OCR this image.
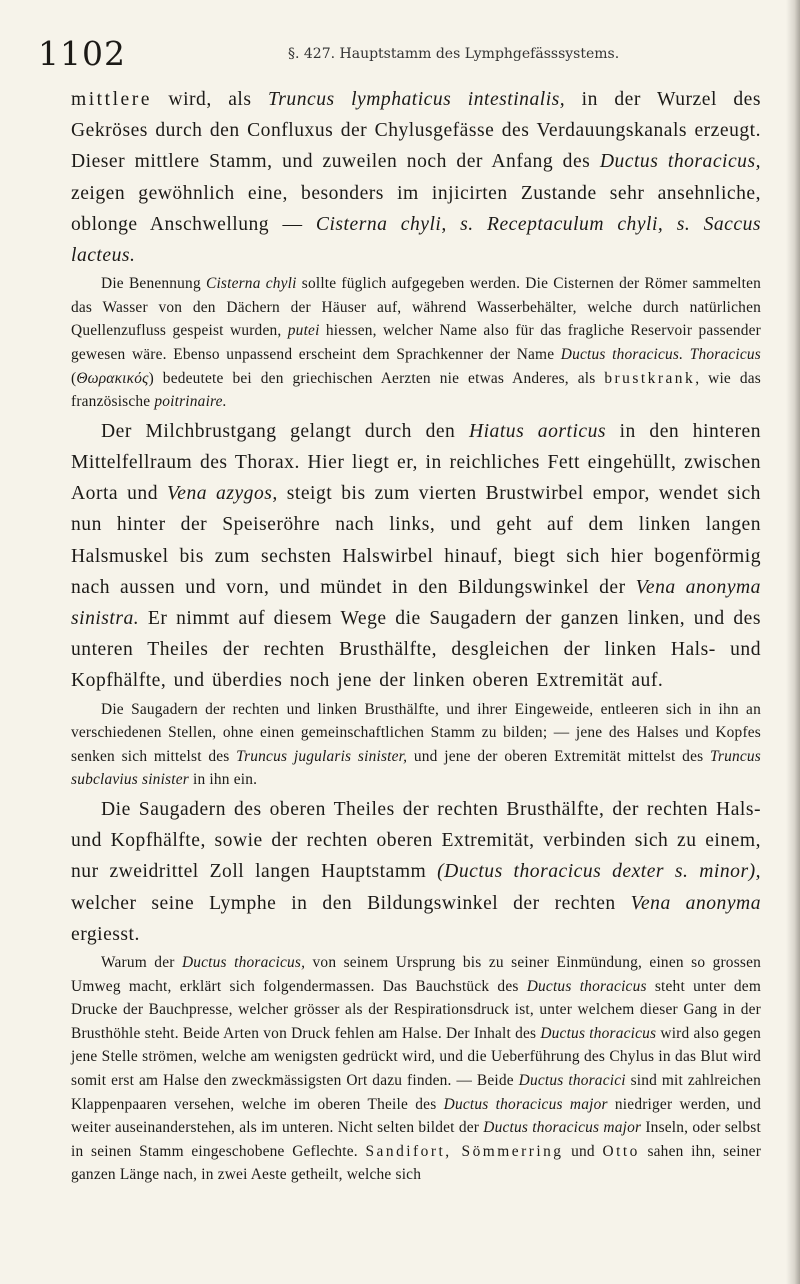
1102	§. 427. Hauptstamm des Lymphgefässsystems.

mittlere wird, als Truncus lymphaticus intestinalis, in der Wurzel des Gekröses durch den Confluxus der Chylusgefässe des Verdauungskanals erzeugt. Dieser mittlere Stamm, und zuweilen noch der Anfang des Ductus thoracicus, zeigen gewöhnlich eine, besonders im injicirten Zustande sehr ansehnliche, oblonge Anschwellung — Cisterna chyli, s. Receptaculum chyli, s. Saccus lacteus.

Die Benennung Cisterna chyli sollte füglich aufgegeben werden. Die Cisternen der Römer sammelten das Wasser von den Dächern der Häuser auf, während Wasserbehälter, welche durch natürlichen Quellenzufluss gespeist wurden, putei hiessen, welcher Name also für das fragliche Reservoir passender gewesen wäre. Ebenso unpassend erscheint dem Sprachkenner der Name Ductus thoracicus. Thoracicus (Θωρακικός) bedeutete bei den griechischen Aerzten nie etwas Anderes, als brustkrank, wie das französische poitrinaire.

Der Milchbrustgang gelangt durch den Hiatus aorticus in den hinteren Mittelfellraum des Thorax. Hier liegt er, in reichliches Fett eingehüllt, zwischen Aorta und Vena azygos, steigt bis zum vierten Brustwirbel empor, wendet sich nun hinter der Speiseröhre nach links, und geht auf dem linken langen Halsmuskel bis zum sechsten Halswirbel hinauf, biegt sich hier bogenförmig nach aussen und vorn, und mündet in den Bildungswinkel der Vena anonyma sinistra. Er nimmt auf diesem Wege die Saugadern der ganzen linken, und des unteren Theiles der rechten Brusthälfte, desgleichen der linken Hals- und Kopfhälfte, und überdies noch jene der linken oberen Extremität auf.

Die Saugadern der rechten und linken Brusthälfte, und ihrer Eingeweide, entleeren sich in ihn an verschiedenen Stellen, ohne einen gemeinschaftlichen Stamm zu bilden; — jene des Halses und Kopfes senken sich mittelst des Truncus jugularis sinister, und jene der oberen Extremität mittelst des Truncus subclavius sinister in ihn ein.

Die Saugadern des oberen Theiles der rechten Brusthälfte, der rechten Hals- und Kopfhälfte, sowie der rechten oberen Extremität, verbinden sich zu einem, nur zweidrittel Zoll langen Hauptstamm (Ductus thoracicus dexter s. minor), welcher seine Lymphe in den Bildungswinkel der rechten Vena anonyma ergiesst.

Warum der Ductus thoracicus, von seinem Ursprung bis zu seiner Einmündung, einen so grossen Umweg macht, erklärt sich folgendermassen. Das Bauchstück des Ductus thoracicus steht unter dem Drucke der Bauchpresse, welcher grösser als der Respirationsdruck ist, unter welchem dieser Gang in der Brusthöhle steht. Beide Arten von Druck fehlen am Halse. Der Inhalt des Ductus thoracicus wird also gegen jene Stelle strömen, welche am wenigsten gedrückt wird, und die Ueberführung des Chylus in das Blut wird somit erst am Halse den zweckmässigsten Ort dazu finden. — Beide Ductus thoracici sind mit zahlreichen Klappenpaaren versehen, welche im oberen Theile des Ductus thoracicus major niedriger werden, und weiter auseinanderstehen, als im unteren. Nicht selten bildet der Ductus thoracicus major Inseln, oder selbst in seinen Stamm eingeschobene Geflechte. Sandifort, Sömmerring und Otto sahen ihn, seiner ganzen Länge nach, in zwei Aeste getheilt, welche sich
